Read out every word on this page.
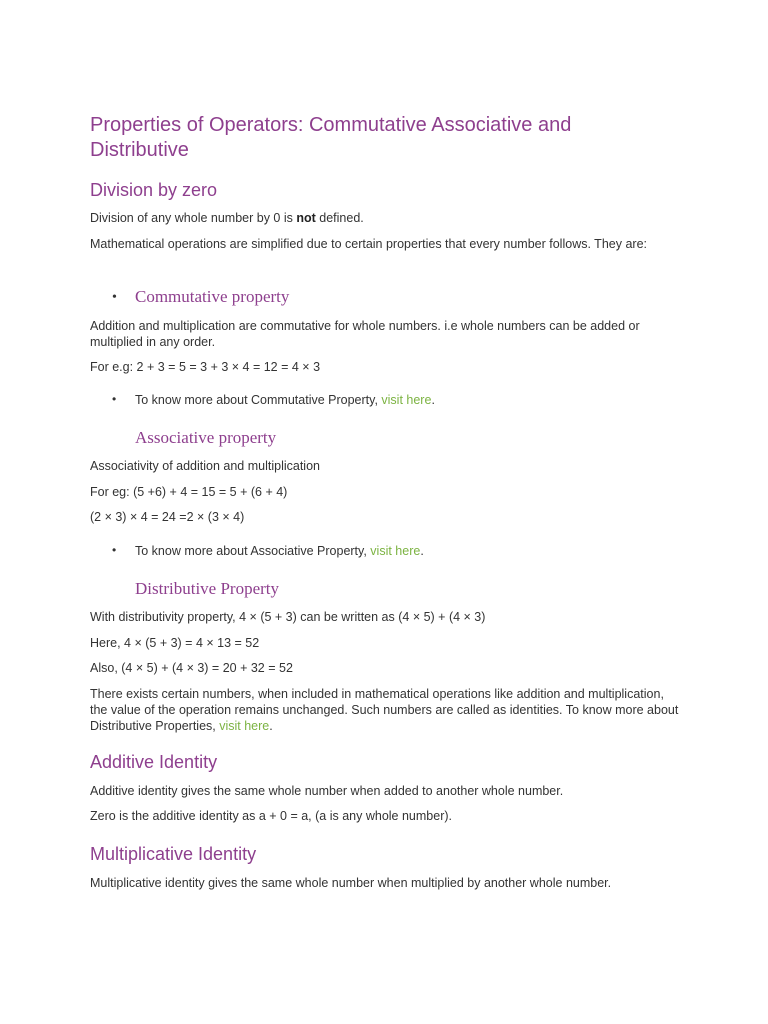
Properties of Operators: Commutative Associative and Distributive
Division by zero

Division of any whole number by 0 is not defined.

Mathematical operations are simplified due to certain properties that every number follows. They are:

• Commutative property

Addition and multiplication are commutative for whole numbers. i.e whole numbers can be added or multiplied in any order.

For e.g: 2 + 3 = 5 = 3 + 3 × 4 = 12 = 4 × 3

• To know more about Commutative Property, visit here.

Associative property

Associativity of addition and multiplication

For eg: (5 +6) + 4 = 15 = 5 + (6 + 4)

(2 × 3) × 4 = 24 =2 × (3 × 4)

• To know more about Associative Property, visit here.

Distributive Property

With distributivity property, 4 × (5 + 3) can be written as (4 × 5) + (4 × 3)

Here, 4 × (5 + 3) = 4 × 13 = 52

Also, (4 × 5) + (4 × 3) = 20 + 32 = 52

There exists certain numbers, when included in mathematical operations like addition and multiplication, the value of the operation remains unchanged. Such numbers are called as identities. To know more about Distributive Properties, visit here.

Additive Identity

Additive identity gives the same whole number when added to another whole number.

Zero is the additive identity as a + 0 = a, (a is any whole number).

Multiplicative Identity

Multiplicative identity gives the same whole number when multiplied by another whole number.
